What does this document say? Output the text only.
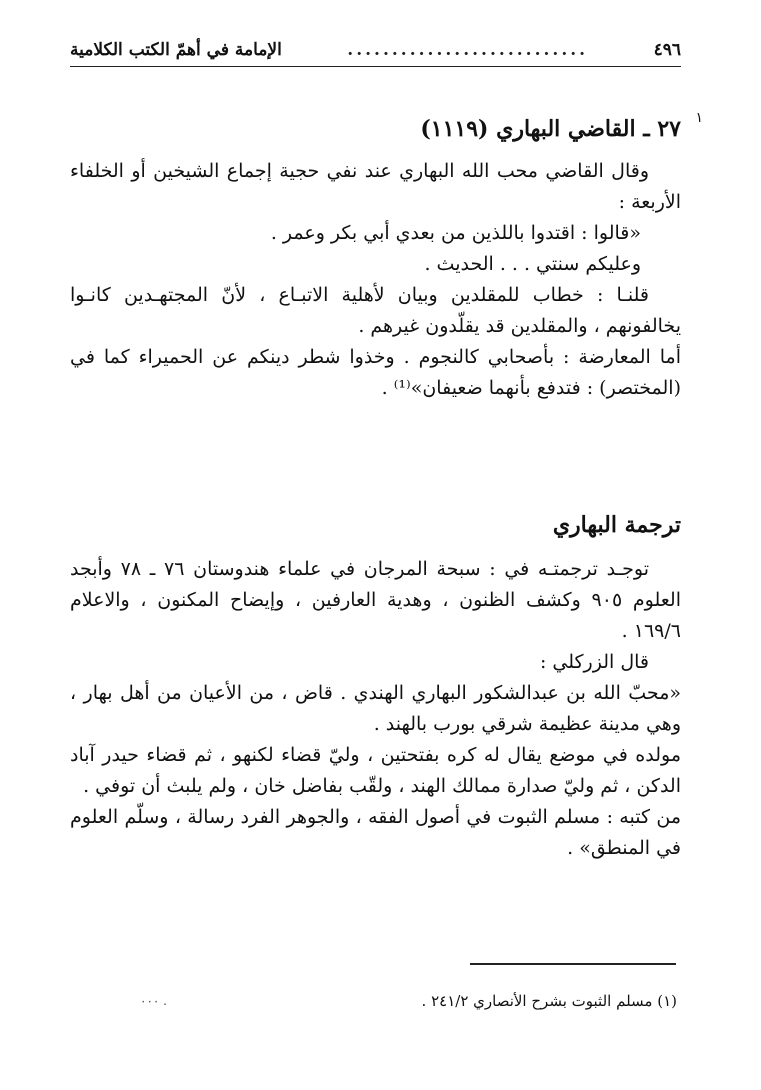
٤٩٦
...........................
الإمامة في أهمّ الكتب الكلامية
١
٢٧ ـ القاضي البهاري (١١١٩)

وقال القاضي محب الله البهاري عند نفي حجية إجماع الشيخين أو الخلفاء الأربعة :

«قالوا : اقتدوا باللذين من بعدي أبي بكر وعمر .

وعليكم سنتي . . . الحديث .

قلنـا : خطاب للمقلدين وبيان لأهلية الاتبـاع ، لأنّ المجتهـدين كانـوا يخالفونهم ، والمقلدين قد يقلّدون غيرهم .

أما المعارضة : بأصحابي كالنجوم . وخذوا شطر دينكم عن الحميراء كما في (المختصر) : فتدفع بأنهما ضعيفان»⁽¹⁾ .

ترجمة البهاري

توجـد ترجمتـه في : سبحة المرجان في علماء هندوستان ٧٦ ـ ٧٨ وأبجد العلوم ٩٠٥ وكشف الظنون ، وهدية العارفين ، وإيضاح المكنون ، والاعلام ١٦٩/٦ .

قال الزركلي :

«محبّ الله بن عبدالشكور البهاري الهندي . قاض ، من الأعيان من أهل بهار ، وهي مدينة عظيمة شرقي بورب بالهند .

مولده في موضع يقال له كره بفتحتين ، وليّ قضاء لكنهو ، ثم قضاء حيدر آباد الدكن ، ثم وليّ صدارة ممالك الهند ، ولقّب بفاضل خان ، ولم يلبث أن توفي .

من كتبه : مسلم الثبوت في أصول الفقه ، والجوهر الفرد رسالة ، وسلّم العلوم في المنطق» .

(١) مسلم الثبوت بشرح الأنصاري ٢٤١/٢ .
٠٠٠ .
